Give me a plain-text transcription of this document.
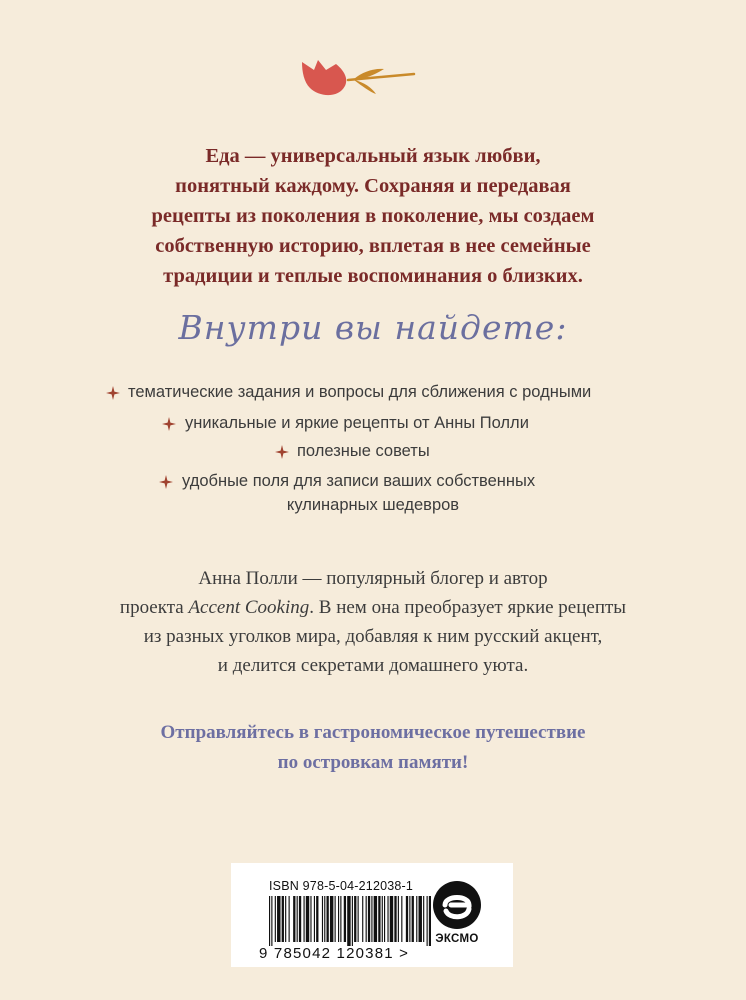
Еда — универсальный язык любви,
понятный каждому. Сохраняя и передавая
рецепты из поколения в поколение, мы создаем
собственную историю, вплетая в нее семейные
традиции и теплые воспоминания о близких.
Внутри вы найдете:
тематические задания и вопросы для сближения с родными
уникальные и яркие рецепты от Анны Полли
полезные советы
удобные поля для записи ваших собственных
кулинарных шедевров
Анна Полли — популярный блогер и автор
проекта Accent Cooking. В нем она преобразует яркие рецепты
из разных уголков мира, добавляя к ним русский акцент,
и делится секретами домашнего уюта.
Отправляйтесь в гастрономическое путешествие
по островкам памяти!
ISBN 978-5-04-212038-1
9 785042 120381 >
ЭКСМО
